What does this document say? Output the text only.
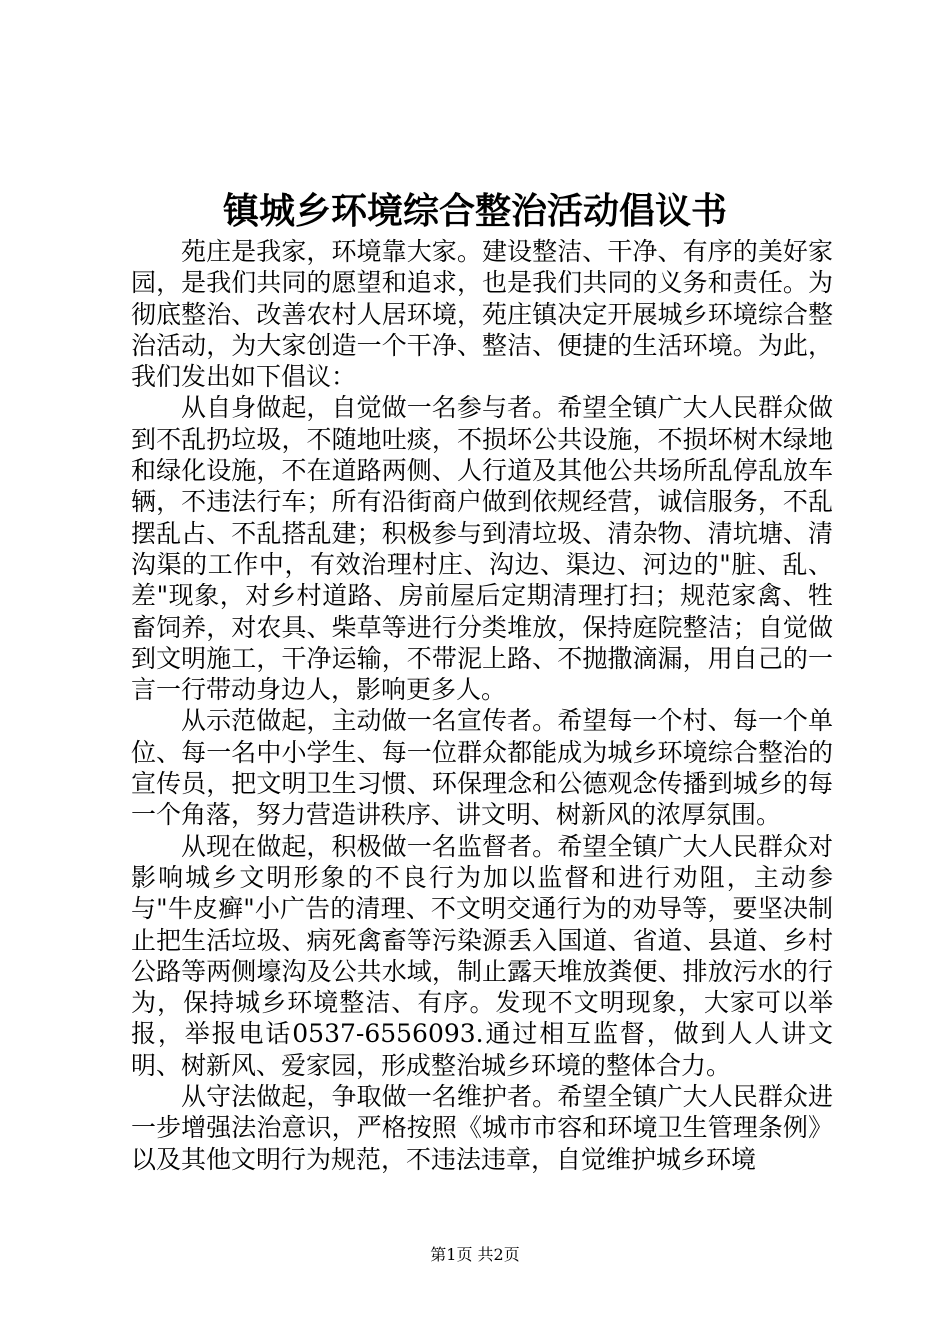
镇城乡环境综合整治活动倡议书

苑庄是我家，环境靠大家。建设整洁、干净、有序的美好家园，是我们共同的愿望和追求，也是我们共同的义务和责任。为彻底整治、改善农村人居环境，苑庄镇决定开展城乡环境综合整治活动，为大家创造一个干净、整洁、便捷的生活环境。为此，我们发出如下倡议：

从自身做起，自觉做一名参与者。希望全镇广大人民群众做到不乱扔垃圾，不随地吐痰，不损坏公共设施，不损坏树木绿地和绿化设施，不在道路两侧、人行道及其他公共场所乱停乱放车辆，不违法行车；所有沿街商户做到依规经营，诚信服务，不乱摆乱占、不乱搭乱建；积极参与到清垃圾、清杂物、清坑塘、清沟渠的工作中，有效治理村庄、沟边、渠边、河边的"脏、乱、差"现象，对乡村道路、房前屋后定期清理打扫；规范家禽、牲畜饲养，对农具、柴草等进行分类堆放，保持庭院整洁；自觉做到文明施工，干净运输，不带泥上路、不抛撒滴漏，用自己的一言一行带动身边人，影响更多人。

从示范做起，主动做一名宣传者。希望每一个村、每一个单位、每一名中小学生、每一位群众都能成为城乡环境综合整治的宣传员，把文明卫生习惯、环保理念和公德观念传播到城乡的每一个角落，努力营造讲秩序、讲文明、树新风的浓厚氛围。

从现在做起，积极做一名监督者。希望全镇广大人民群众对影响城乡文明形象的不良行为加以监督和进行劝阻，主动参与"牛皮癣"小广告的清理、不文明交通行为的劝导等，要坚决制止把生活垃圾、病死禽畜等污染源丢入国道、省道、县道、乡村公路等两侧壕沟及公共水域，制止露天堆放粪便、排放污水的行为，保持城乡环境整洁、有序。发现不文明现象，大家可以举报，举报电话0537-6556093.通过相互监督，做到人人讲文明、树新风、爱家园，形成整治城乡环境的整体合力。

从守法做起，争取做一名维护者。希望全镇广大人民群众进一步增强法治意识，严格按照《城市市容和环境卫生管理条例》以及其他文明行为规范，不违法违章，自觉维护城乡环境

第1页 共2页
